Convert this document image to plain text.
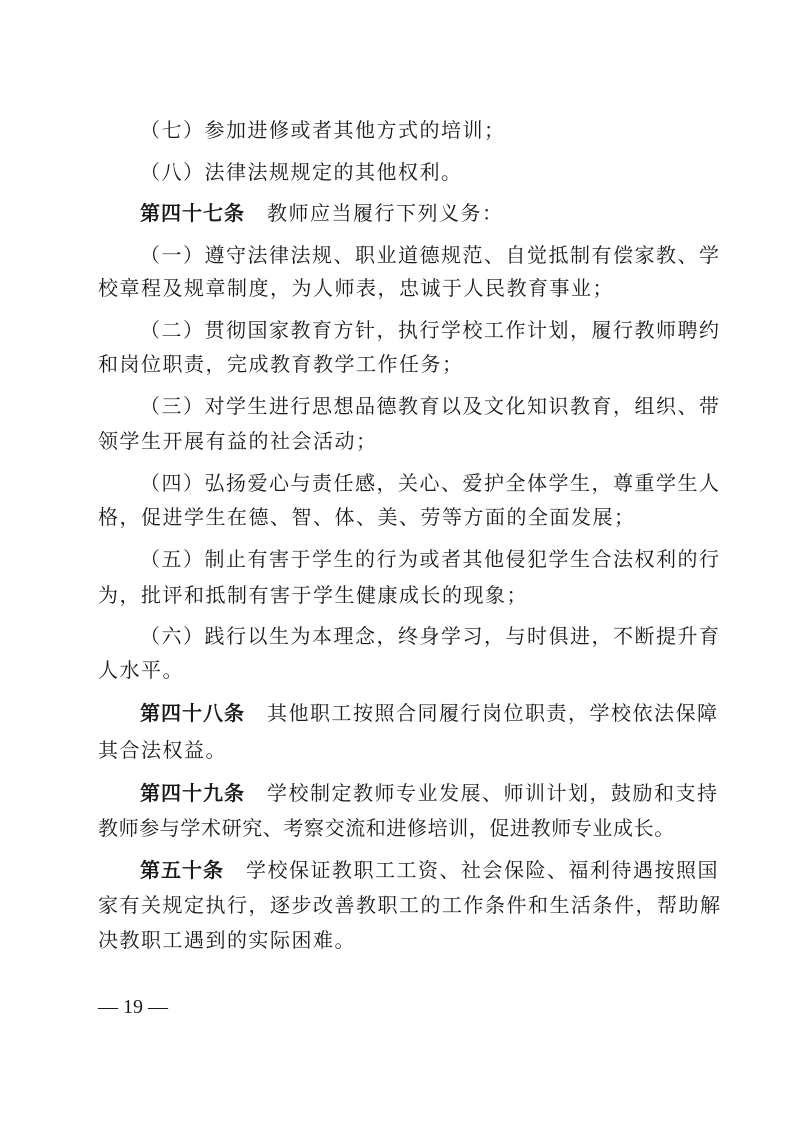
（七）参加进修或者其他方式的培训；
（八）法律法规规定的其他权利。
第四十七条 教师应当履行下列义务：
（一）遵守法律法规、职业道德规范、自觉抵制有偿家教、学
校章程及规章制度，为人师表，忠诚于人民教育事业；
（二）贯彻国家教育方针，执行学校工作计划，履行教师聘约
和岗位职责，完成教育教学工作任务；
（三）对学生进行思想品德教育以及文化知识教育，组织、带
领学生开展有益的社会活动；
（四）弘扬爱心与责任感，关心、爱护全体学生，尊重学生人
格，促进学生在德、智、体、美、劳等方面的全面发展；
（五）制止有害于学生的行为或者其他侵犯学生合法权利的行
为，批评和抵制有害于学生健康成长的现象；
（六）践行以生为本理念，终身学习，与时俱进，不断提升育
人水平。
第四十八条 其他职工按照合同履行岗位职责，学校依法保障
其合法权益。
第四十九条 学校制定教师专业发展、师训计划，鼓励和支持
教师参与学术研究、考察交流和进修培训，促进教师专业成长。
第五十条 学校保证教职工工资、社会保险、福利待遇按照国
家有关规定执行，逐步改善教职工的工作条件和生活条件，帮助解
决教职工遇到的实际困难。
— 19 —
